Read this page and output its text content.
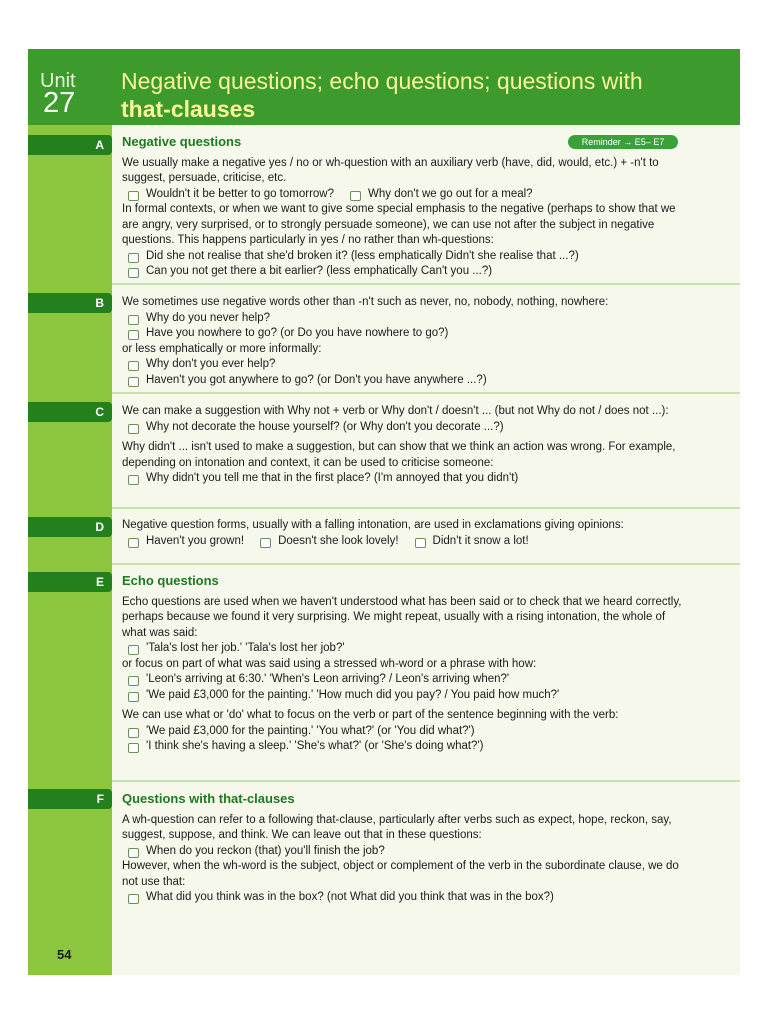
Unit
27
Negative questions; echo questions; questions with
that-clauses
A
B
C
D
E
F
Reminder → E5– E7
Negative questions

We usually make a negative yes / no or wh-question with an auxiliary verb (have, did, would, etc.) + -n't to suggest, persuade, criticise, etc.

Wouldn't it be better to go tomorrow?	Why don't we go out for a meal?

In formal contexts, or when we want to give some special emphasis to the negative (perhaps to show that we are angry, very surprised, or to strongly persuade someone), we can use not after the subject in negative questions. This happens particularly in yes / no rather than wh-questions:

Did she not realise that she'd broken it? (less emphatically Didn't she realise that ...?)
Can you not get there a bit earlier? (less emphatically Can't you ...?)

We sometimes use negative words other than -n't such as never, no, nobody, nothing, nowhere:

Why do you never help?
Have you nowhere to go? (or Do you have nowhere to go?)

or less emphatically or more informally:

Why don't you ever help?
Haven't you got anywhere to go? (or Don't you have anywhere ...?)

We can make a suggestion with Why not + verb or Why don't / doesn't ... (but not Why do not / does not ...):

Why not decorate the house yourself? (or Why don't you decorate ...?)

Why didn't ... isn't used to make a suggestion, but can show that we think an action was wrong. For example, depending on intonation and context, it can be used to criticise someone:

Why didn't you tell me that in the first place? (I'm annoyed that you didn't)

Negative question forms, usually with a falling intonation, are used in exclamations giving opinions:

Haven't you grown!	Doesn't she look lovely!	Didn't it snow a lot!
Echo questions

Echo questions are used when we haven't understood what has been said or to check that we heard correctly, perhaps because we found it very surprising. We might repeat, usually with a rising intonation, the whole of what was said:

'Tala's lost her job.' 'Tala's lost her job?'

or focus on part of what was said using a stressed wh-word or a phrase with how:

'Leon's arriving at 6:30.' 'When's Leon arriving? / Leon's arriving when?'
'We paid £3,000 for the painting.' 'How much did you pay? / You paid how much?'

We can use what or 'do' what to focus on the verb or part of the sentence beginning with the verb:

'We paid £3,000 for the painting.' 'You what?' (or 'You did what?')
'I think she's having a sleep.' 'She's what?' (or 'She's doing what?')
Questions with that-clauses

A wh-question can refer to a following that-clause, particularly after verbs such as expect, hope, reckon, say, suggest, suppose, and think. We can leave out that in these questions:

When do you reckon (that) you'll finish the job?

However, when the wh-word is the subject, object or complement of the verb in the subordinate clause, we do not use that:

What did you think was in the box? (not What did you think that was in the box?)
54
